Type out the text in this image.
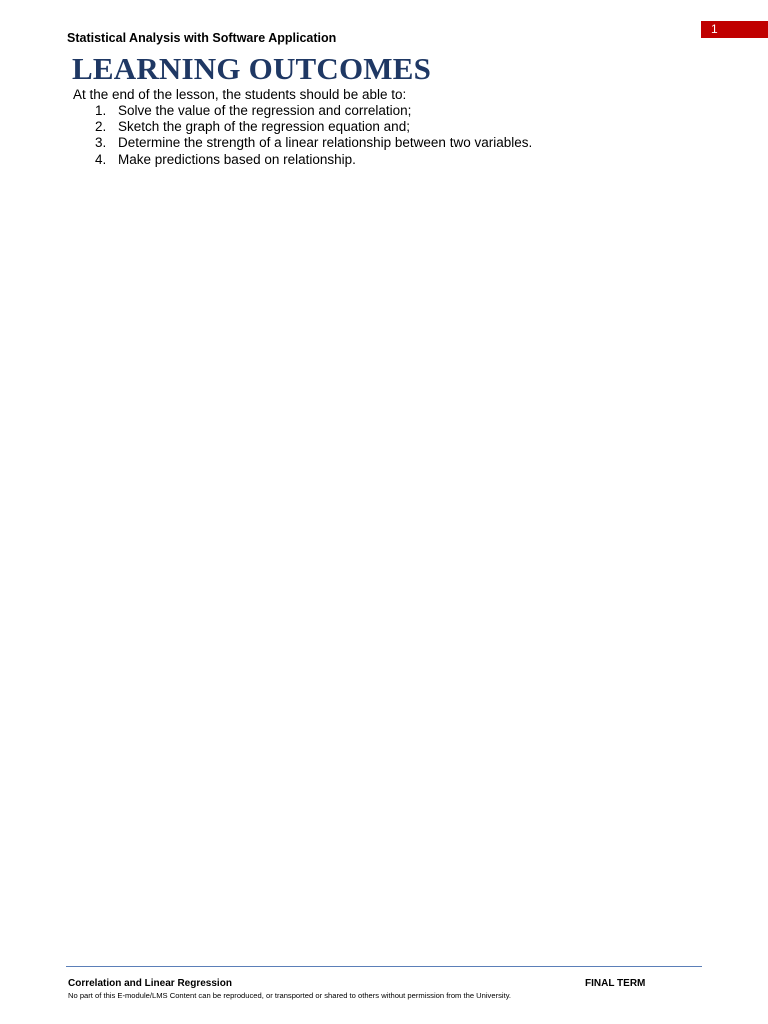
1
Statistical Analysis with Software Application
LEARNING OUTCOMES
At the end of the lesson, the students should be able to:
1. Solve the value of the regression and correlation;
2. Sketch the graph of the regression equation and;
3. Determine the strength of a linear relationship between two variables.
4. Make predictions based on relationship.
Correlation and Linear Regression	FINAL TERM
No part of this E-module/LMS Content can be reproduced, or transported or shared to others without permission from the University.
